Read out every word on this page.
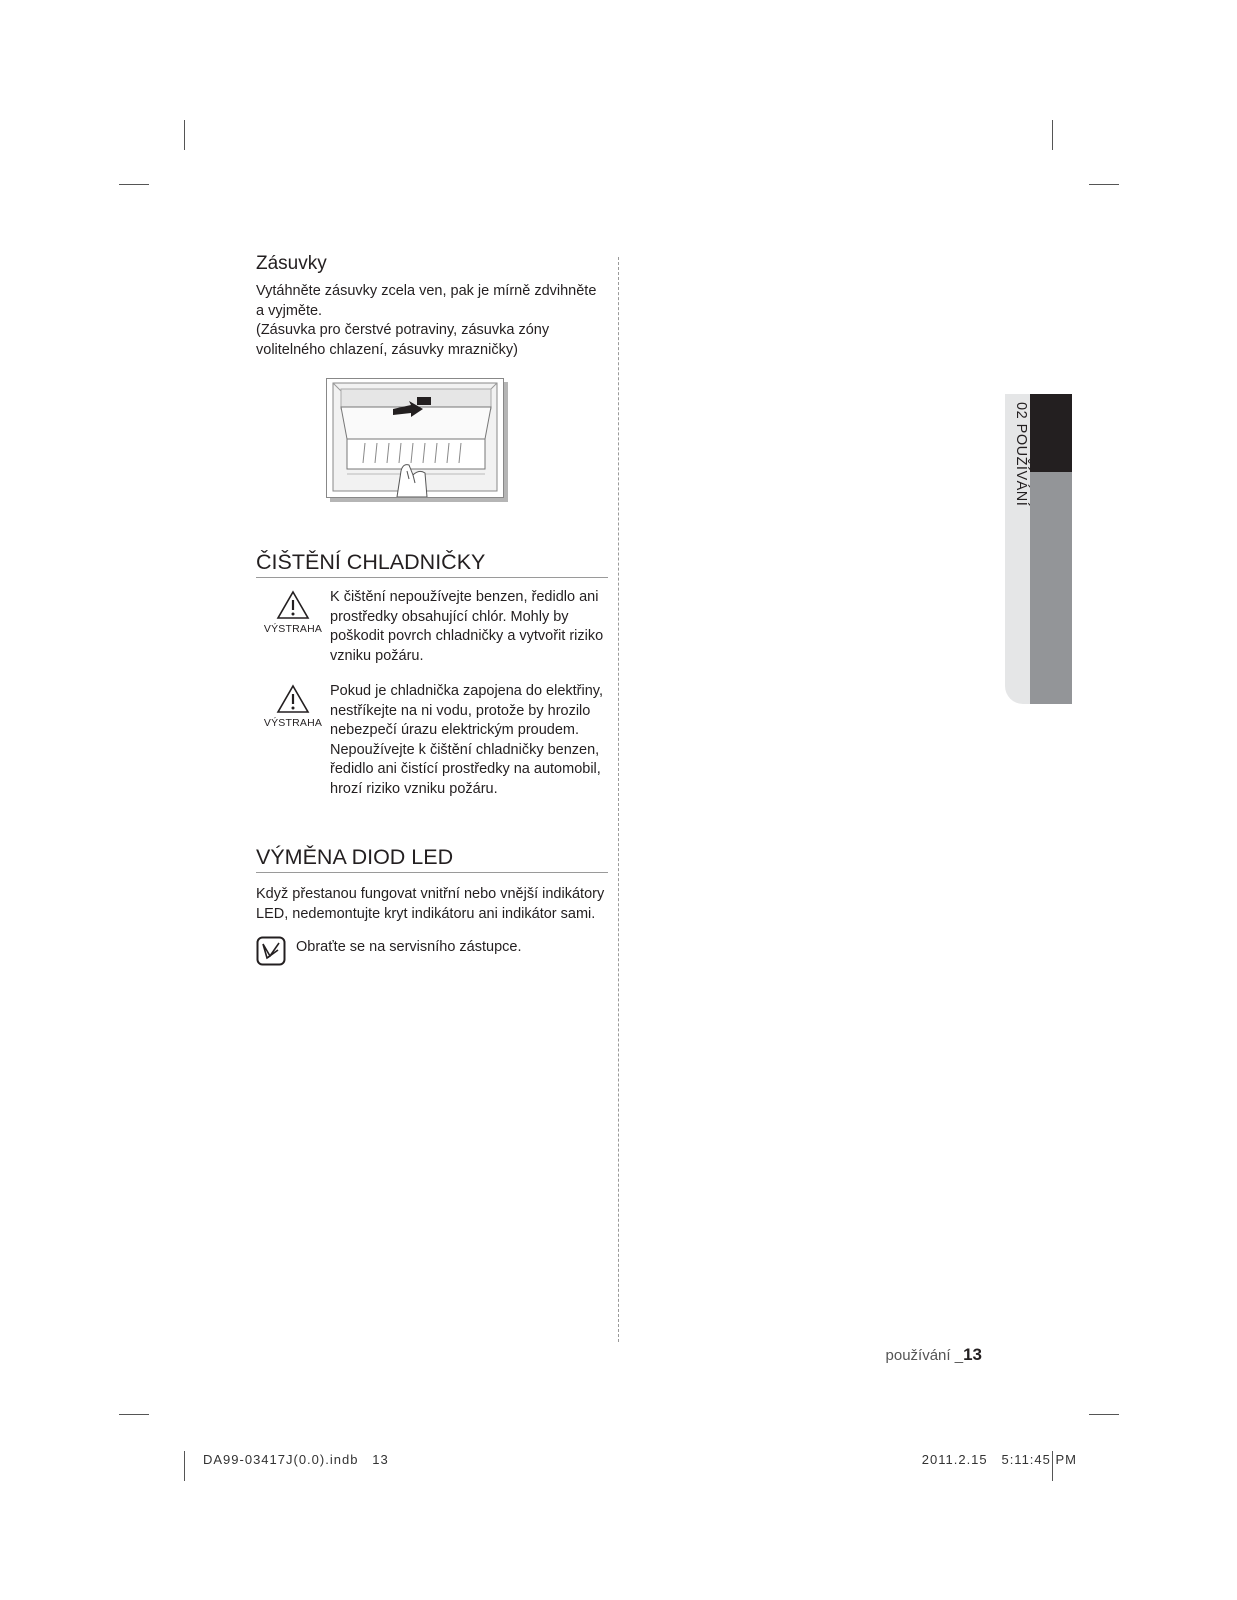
Zásuvky

Vytáhněte zásuvky zcela ven, pak je mírně zdvihněte a vyjměte.

(Zásuvka pro čerstvé potraviny, zásuvka zóny volitelného chlazení, zásuvky mrazničky)

ČIŠTĚNÍ CHLADNIČKY
VÝSTRAHA
K čištění nepoužívejte benzen, ředidlo ani prostředky obsahující chlór. Mohly by poškodit povrch chladničky a vytvořit riziko vzniku požáru.
VÝSTRAHA
Pokud je chladnička zapojena do elektřiny, nestříkejte na ni vodu, protože by hrozilo nebezpečí úrazu elektrickým proudem. Nepoužívejte k čištění chladničky benzen, ředidlo ani čistící prostředky na automobil, hrozí riziko vzniku požáru.
VÝMĚNA DIOD LED

Když přestanou fungovat vnitřní nebo vnější indikátory LED, nedemontujte kryt indikátoru ani indikátor sami.

Obraťte se na servisního zástupce.
02 POUŽÍVÁNÍ
používání _13
DA99-03417J(0.0).indb   13	2011.2.15   5:11:45 PM
